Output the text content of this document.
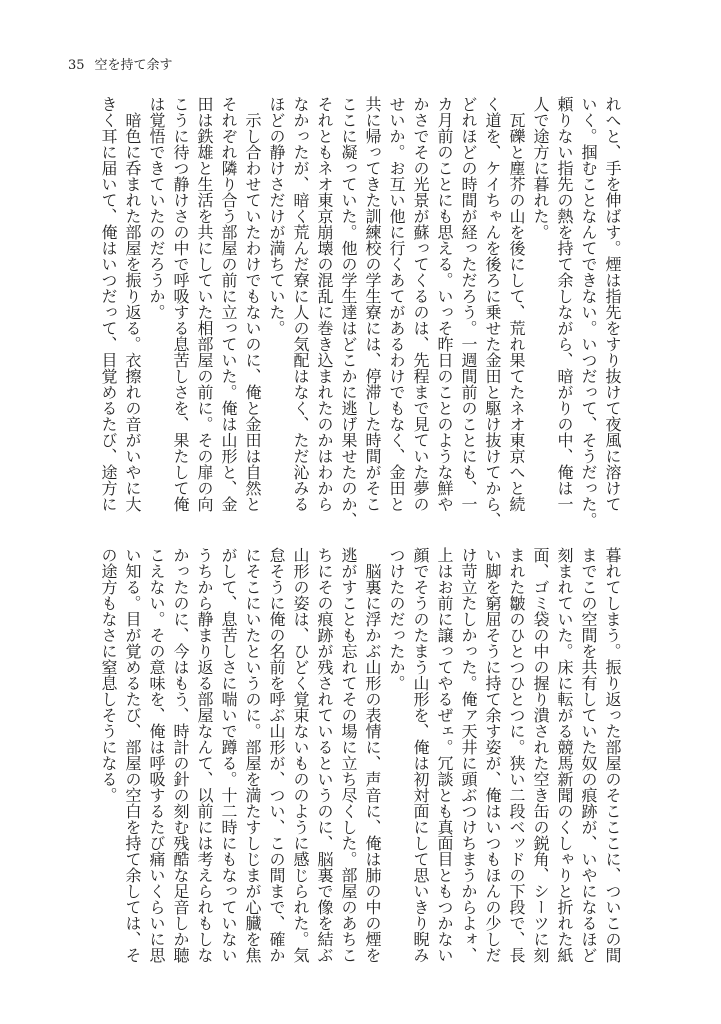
35 空を持て余す

れへと、手を伸ばす。煙は指先をすり抜けて夜風に溶けて

いく。掴むことなんてできない。いつだって、そうだった。

頼りない指先の熱を持て余しながら、暗がりの中、俺は一

人で途方に暮れた。

　瓦礫と塵芥の山を後にして、荒れ果てたネオ東京へと続

く道を、ケイちゃんを後ろに乗せた金田と駆け抜けてから、

どれほどの時間が経っただろう。一週間前のことにも、一

カ月前のことにも思える。いっそ昨日のことのような鮮や

かさでその光景が蘇ってくるのは、先程まで見ていた夢の

せいか。お互い他に行くあてがあるわけでもなく、金田と

共に帰ってきた訓練校の学生寮には、停滞した時間がそこ

ここに凝っていた。他の学生達はどこかに逃げ果せたのか、

それともネオ東京崩壊の混乱に巻き込まれたのかはわから

なかったが、暗く荒んだ寮に人の気配はなく、ただ沁みる

ほどの静けさだけが満ちていた。

　示し合わせていたわけでもないのに、俺と金田は自然と

それぞれ隣り合う部屋の前に立っていた。俺は山形と、金

田は鉄雄と生活を共にしていた相部屋の前に。その扉の向

こうに待つ静けさの中で呼吸する息苦しさを、果たして俺

は覚悟できていたのだろうか。

　暗色に呑まれた部屋を振り返る。衣擦れの音がいやに大

きく耳に届いて、俺はいつだって、目覚めるたび、途方に

暮れてしまう。振り返った部屋のそこここに、ついこの間

までこの空間を共有していた奴の痕跡が、いやになるほど

刻まれていた。床に転がる競馬新聞のくしゃりと折れた紙

面、ゴミ袋の中の握り潰された空き缶の鋭角、シーツに刻

まれた皺のひとつひとつに。狭い二段ベッドの下段で、長

い脚を窮屈そうに持て余す姿が、俺はいつもほんの少しだ

け苛立たしかった。俺ァ天井に頭ぶつけちまうからよォ、

上はお前に譲ってやるぜェ。冗談とも真面目ともつかない

顔でそうのたまう山形を、俺は初対面にして思いきり睨み

つけたのだったか。

　脳裏に浮かぶ山形の表情に、声音に、俺は肺の中の煙を

逃がすことも忘れてその場に立ち尽くした。部屋のあちこ

ちにその痕跡が残されているというのに、脳裏で像を結ぶ

山形の姿は、ひどく覚束ないもののように感じられた。気

怠そうに俺の名前を呼ぶ山形が、つい、この間まで、確か

にそこにいたというのに。部屋を満たすしじまが心臓を焦

がして、息苦しさに喘いで蹲る。十二時にもなっていない

うちから静まり返る部屋なんて、以前には考えられもしな

かったのに、今はもう、時計の針の刻む残酷な足音しか聴

こえない。その意味を、俺は呼吸するたび痛いくらいに思

い知る。目が覚めるたび、部屋の空白を持て余しては、そ

の途方もなさに窒息しそうになる。
